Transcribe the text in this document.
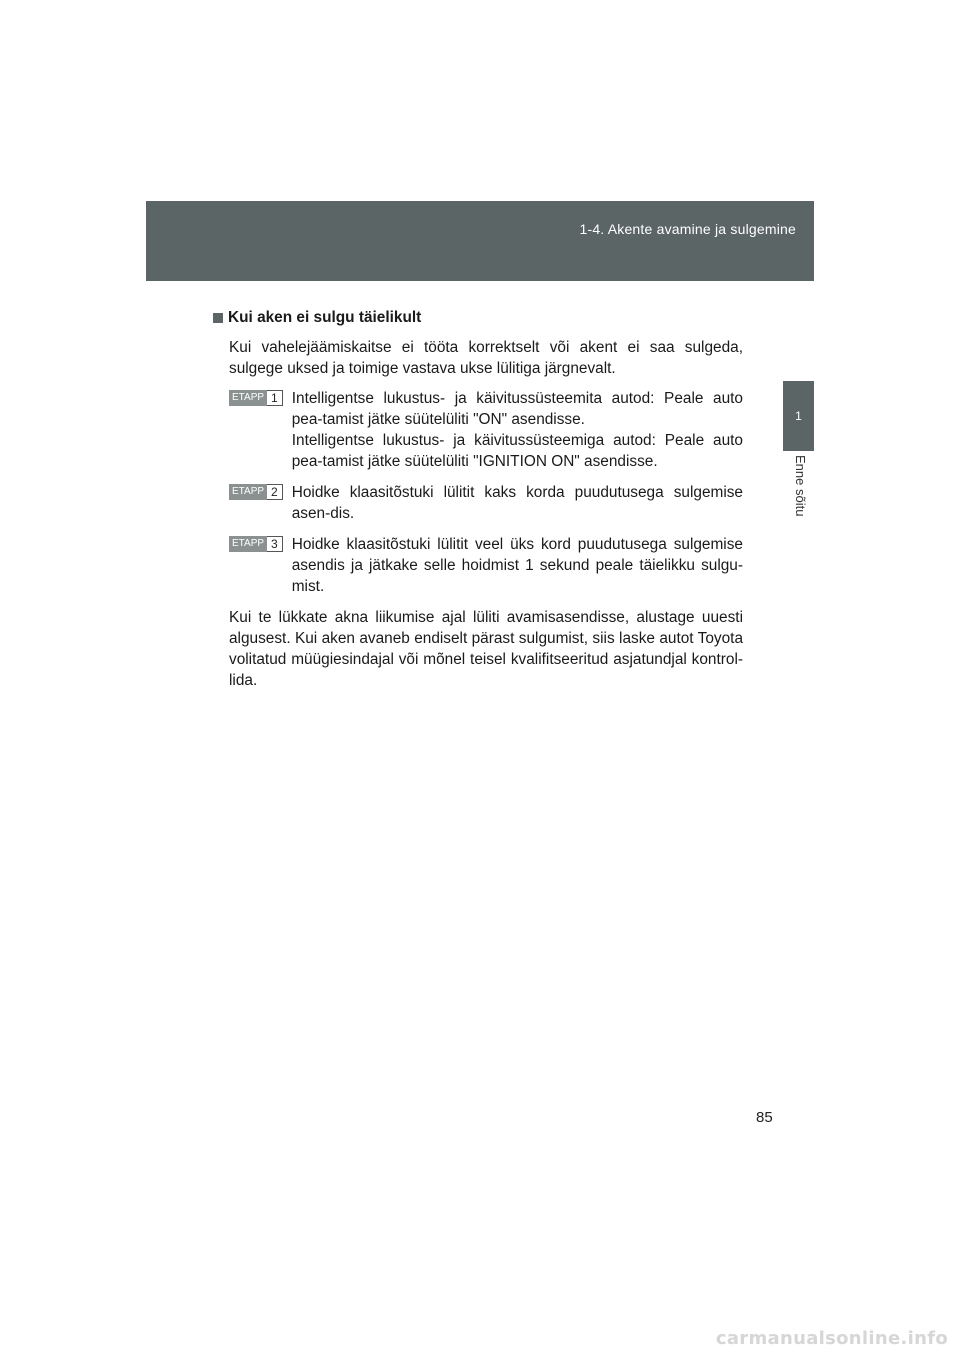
1-4. Akente avamine ja sulgemine
1
Enne sõitu
Kui aken ei sulgu täielikult

Kui vahelejäämiskaitse ei tööta korrektselt või akent ei saa sulgeda, sulgege uksed ja toimige vastava ukse lülitiga järgnevalt.

ETAPP 1 Intelligentse lukustus- ja käivitussüsteemita autod: Peale auto pea-tamist jätke süütelüliti "ON" asendisse.

Intelligentse lukustus- ja käivitussüsteemiga autod: Peale auto pea-tamist jätke süütelüliti "IGNITION ON" asendisse.

ETAPP 2 Hoidke klaasitõstuki lülitit kaks korda puudutusega sulgemise asen-dis.

ETAPP 3 Hoidke klaasitõstuki lülitit veel üks kord puudutusega sulgemise asendis ja jätkake selle hoidmist 1 sekund peale täielikku sulgu-mist.

Kui te lükkate akna liikumise ajal lüliti avamisasendisse, alustage uuesti algusest. Kui aken avaneb endiselt pärast sulgumist, siis laske autot Toyota volitatud müügiesindajal või mõnel teisel kvalifitseeritud asjatundjal kontrol-lida.

85
carmanualsonline.info
